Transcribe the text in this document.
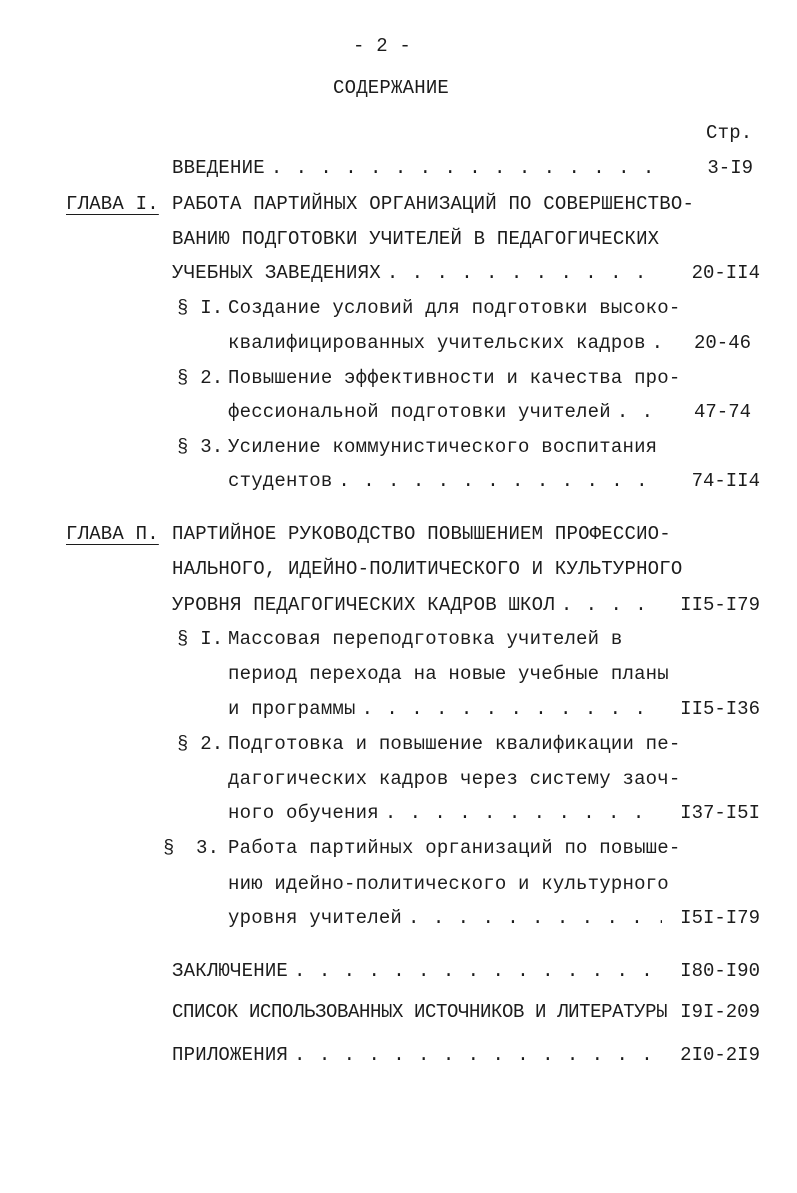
- 2 -
СОДЕРЖАНИЕ
Стр.
ВВЕДЕНИЕ . . .	3-I9
ГЛАВА I. РАБОТА ПАРТИЙНЫХ ОРГАНИЗАЦИЙ ПО СОВЕРШЕНСТВО-
ВАНИЮ ПОДГОТОВКИ УЧИТЕЛЕЙ В ПЕДАГОГИЧЕСКИХ
УЧЕБНЫХ ЗАВЕДЕНИЯХ . . .	20-II4
§ I. Создание условий для подготовки высоко-
квалифицированных учительских кадров . . .	20-46
§ 2. Повышение эффективности и качества про-
фессиональной подготовки учителей . . .	47-74
§ 3. Усиление коммунистического воспитания
студентов . . .	74-II4
ГЛАВА П. ПАРТИЙНОЕ РУКОВОДСТВО ПОВЫШЕНИЕМ ПРОФЕССИО-
НАЛЬНОГО, ИДЕЙНО-ПОЛИТИЧЕСКОГО И КУЛЬТУРНОГО
УРОВНЯ ПЕДАГОГИЧЕСКИХ КАДРОВ ШКОЛ . . .	II5-I79
§ I. Массовая переподготовка учителей в
период перехода на новые учебные планы
и программы . . .	II5-I36
§ 2. Подготовка и повышение квалификации пе-
дагогических кадров через систему заоч-
ного обучения . . .	I37-I5I
§ 3. Работа партийных организаций по повыше-
нию идейно-политического и культурного
уровня учителей . . .	I5I-I79
ЗАКЛЮЧЕНИЕ . . .	I80-I90
СПИСОК ИСПОЛЬЗОВАННЫХ ИСТОЧНИКОВ И ЛИТЕРАТУРЫ I9I-209
ПРИЛОЖЕНИЯ . . .	2I0-2I9
